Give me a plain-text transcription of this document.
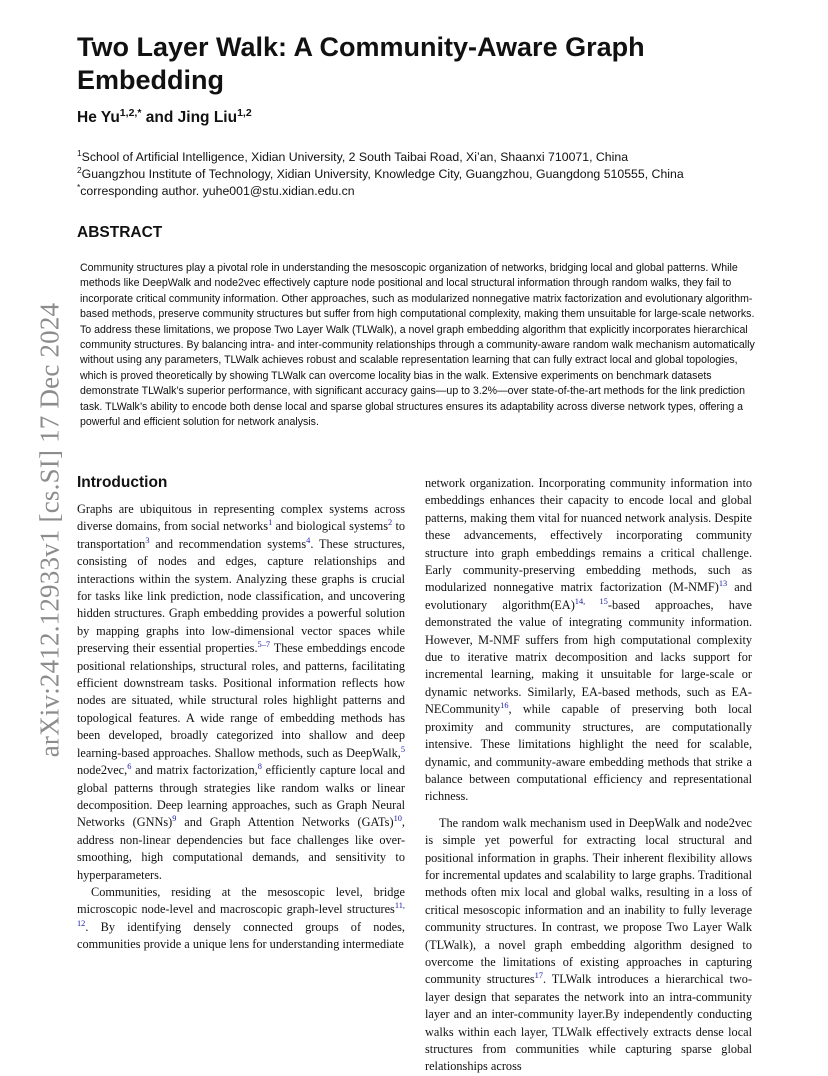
arXiv:2412.12933v1 [cs.SI] 17 Dec 2024
Two Layer Walk: A Community-Aware Graph Embedding
He $Yu^{1,2,*}$ and Jing Liu$^{1,2}$
$^1$School of Artificial Intelligence, Xidian University, 2 South Taibai Road, Xi’an, Shaanxi 710071, China
$^2$Guangzhou Institute of Technology, Xidian University, Knowledge City, Guangzhou, Guangdong 510555, China
*corresponding author. yuhe001@stu.xidian.edu.cn
ABSTRACT

Community structures play a pivotal role in understanding the mesoscopic organization of networks, bridging local and global patterns. While methods like DeepWalk and node2vec effectively capture node positional and local structural information through random walks, they fail to incorporate critical community information. Other approaches, such as modularized nonnegative matrix factorization and evolutionary algorithm-based methods, preserve community structures but suffer from high computational complexity, making them unsuitable for large-scale networks. To address these limitations, we propose Two Layer Walk (TLWalk), a novel graph embedding algorithm that explicitly incorporates hierarchical community structures. By balancing intra- and inter-community relationships through a community-aware random walk mechanism automatically without using any parameters, TLWalk achieves robust and scalable representation learning that can fully extract local and global topologies, which is proved theoretically by showing TLWalk can overcome locality bias in the walk. Extensive experiments on benchmark datasets demonstrate TLWalk’s superior performance, with significant accuracy gains—up to 3.2%—over state-of-the-art methods for the link prediction task. TLWalk’s ability to encode both dense local and sparse global structures ensures its adaptability across diverse network types, offering a powerful and efficient solution for network analysis.

Introduction

Graphs are ubiquitous in representing complex systems across diverse domains, from social networks$^1$ and biological systems$^2$ to transportation$^3$ and recommendation systems$^4$. These structures, consisting of nodes and edges, capture relationships and interactions within the system. Analyzing these graphs is crucial for tasks like link prediction, node classification, and uncovering hidden structures. Graph embedding provides a powerful solution by mapping graphs into low-dimensional vector spaces while preserving their essential properties.$^{5-7}$ These embeddings encode positional relationships, structural roles, and patterns, facilitating efficient downstream tasks. Positional information reflects how nodes are situated, while structural roles highlight patterns and topological features. A wide range of embedding methods has been developed, broadly categorized into shallow and deep learning-based approaches. Shallow methods, such as DeepWalk,$^5$ node2vec,$^6$ and matrix factorization,$^8$ efficiently capture local and global patterns through strategies like random walks or linear decomposition. Deep learning approaches, such as Graph Neural Networks (GNNs)$^9$ and Graph Attention Networks (GATs)$^{10}$, address non-linear dependencies but face challenges like over-smoothing, high computational demands, and sensitivity to hyperparameters.

Communities, residing at the mesoscopic level, bridge microscopic node-level and macroscopic graph-level structures$^{11, 12}$. By identifying densely connected groups of nodes, communities provide a unique lens for understanding intermediate

network organization. Incorporating community information into embeddings enhances their capacity to encode local and global patterns, making them vital for nuanced network analysis. Despite these advancements, effectively incorporating community structure into graph embeddings remains a critical challenge. Early community-preserving embedding methods, such as modularized nonnegative matrix factorization (M-NMF)$^{13}$ and evolutionary algorithm(EA)$^{14, 15}$-based approaches, have demonstrated the value of integrating community information. However, M-NMF suffers from high computational complexity due to iterative matrix decomposition and lacks support for incremental learning, making it unsuitable for large-scale or dynamic networks. Similarly, EA-based methods, such as EA-NECommunity$^{16}$, while capable of preserving both local proximity and community structures, are computationally intensive. These limitations highlight the need for scalable, dynamic, and community-aware embedding methods that strike a balance between computational efficiency and representational richness.

The random walk mechanism used in DeepWalk and node2vec is simple yet powerful for extracting local structural and positional information in graphs. Their inherent flexibility allows for incremental updates and scalability to large graphs. Traditional methods often mix local and global walks, resulting in a loss of critical mesoscopic information and an inability to fully leverage community structures. In contrast, we propose Two Layer Walk (TLWalk), a novel graph embedding algorithm designed to overcome the limitations of existing approaches in capturing community structures$^{17}$. TLWalk introduces a hierarchical two-layer design that separates the network into an intra-community layer and an inter-community layer.By independently conducting walks within each layer, TLWalk effectively extracts dense local structures from communities while capturing sparse global relationships across
